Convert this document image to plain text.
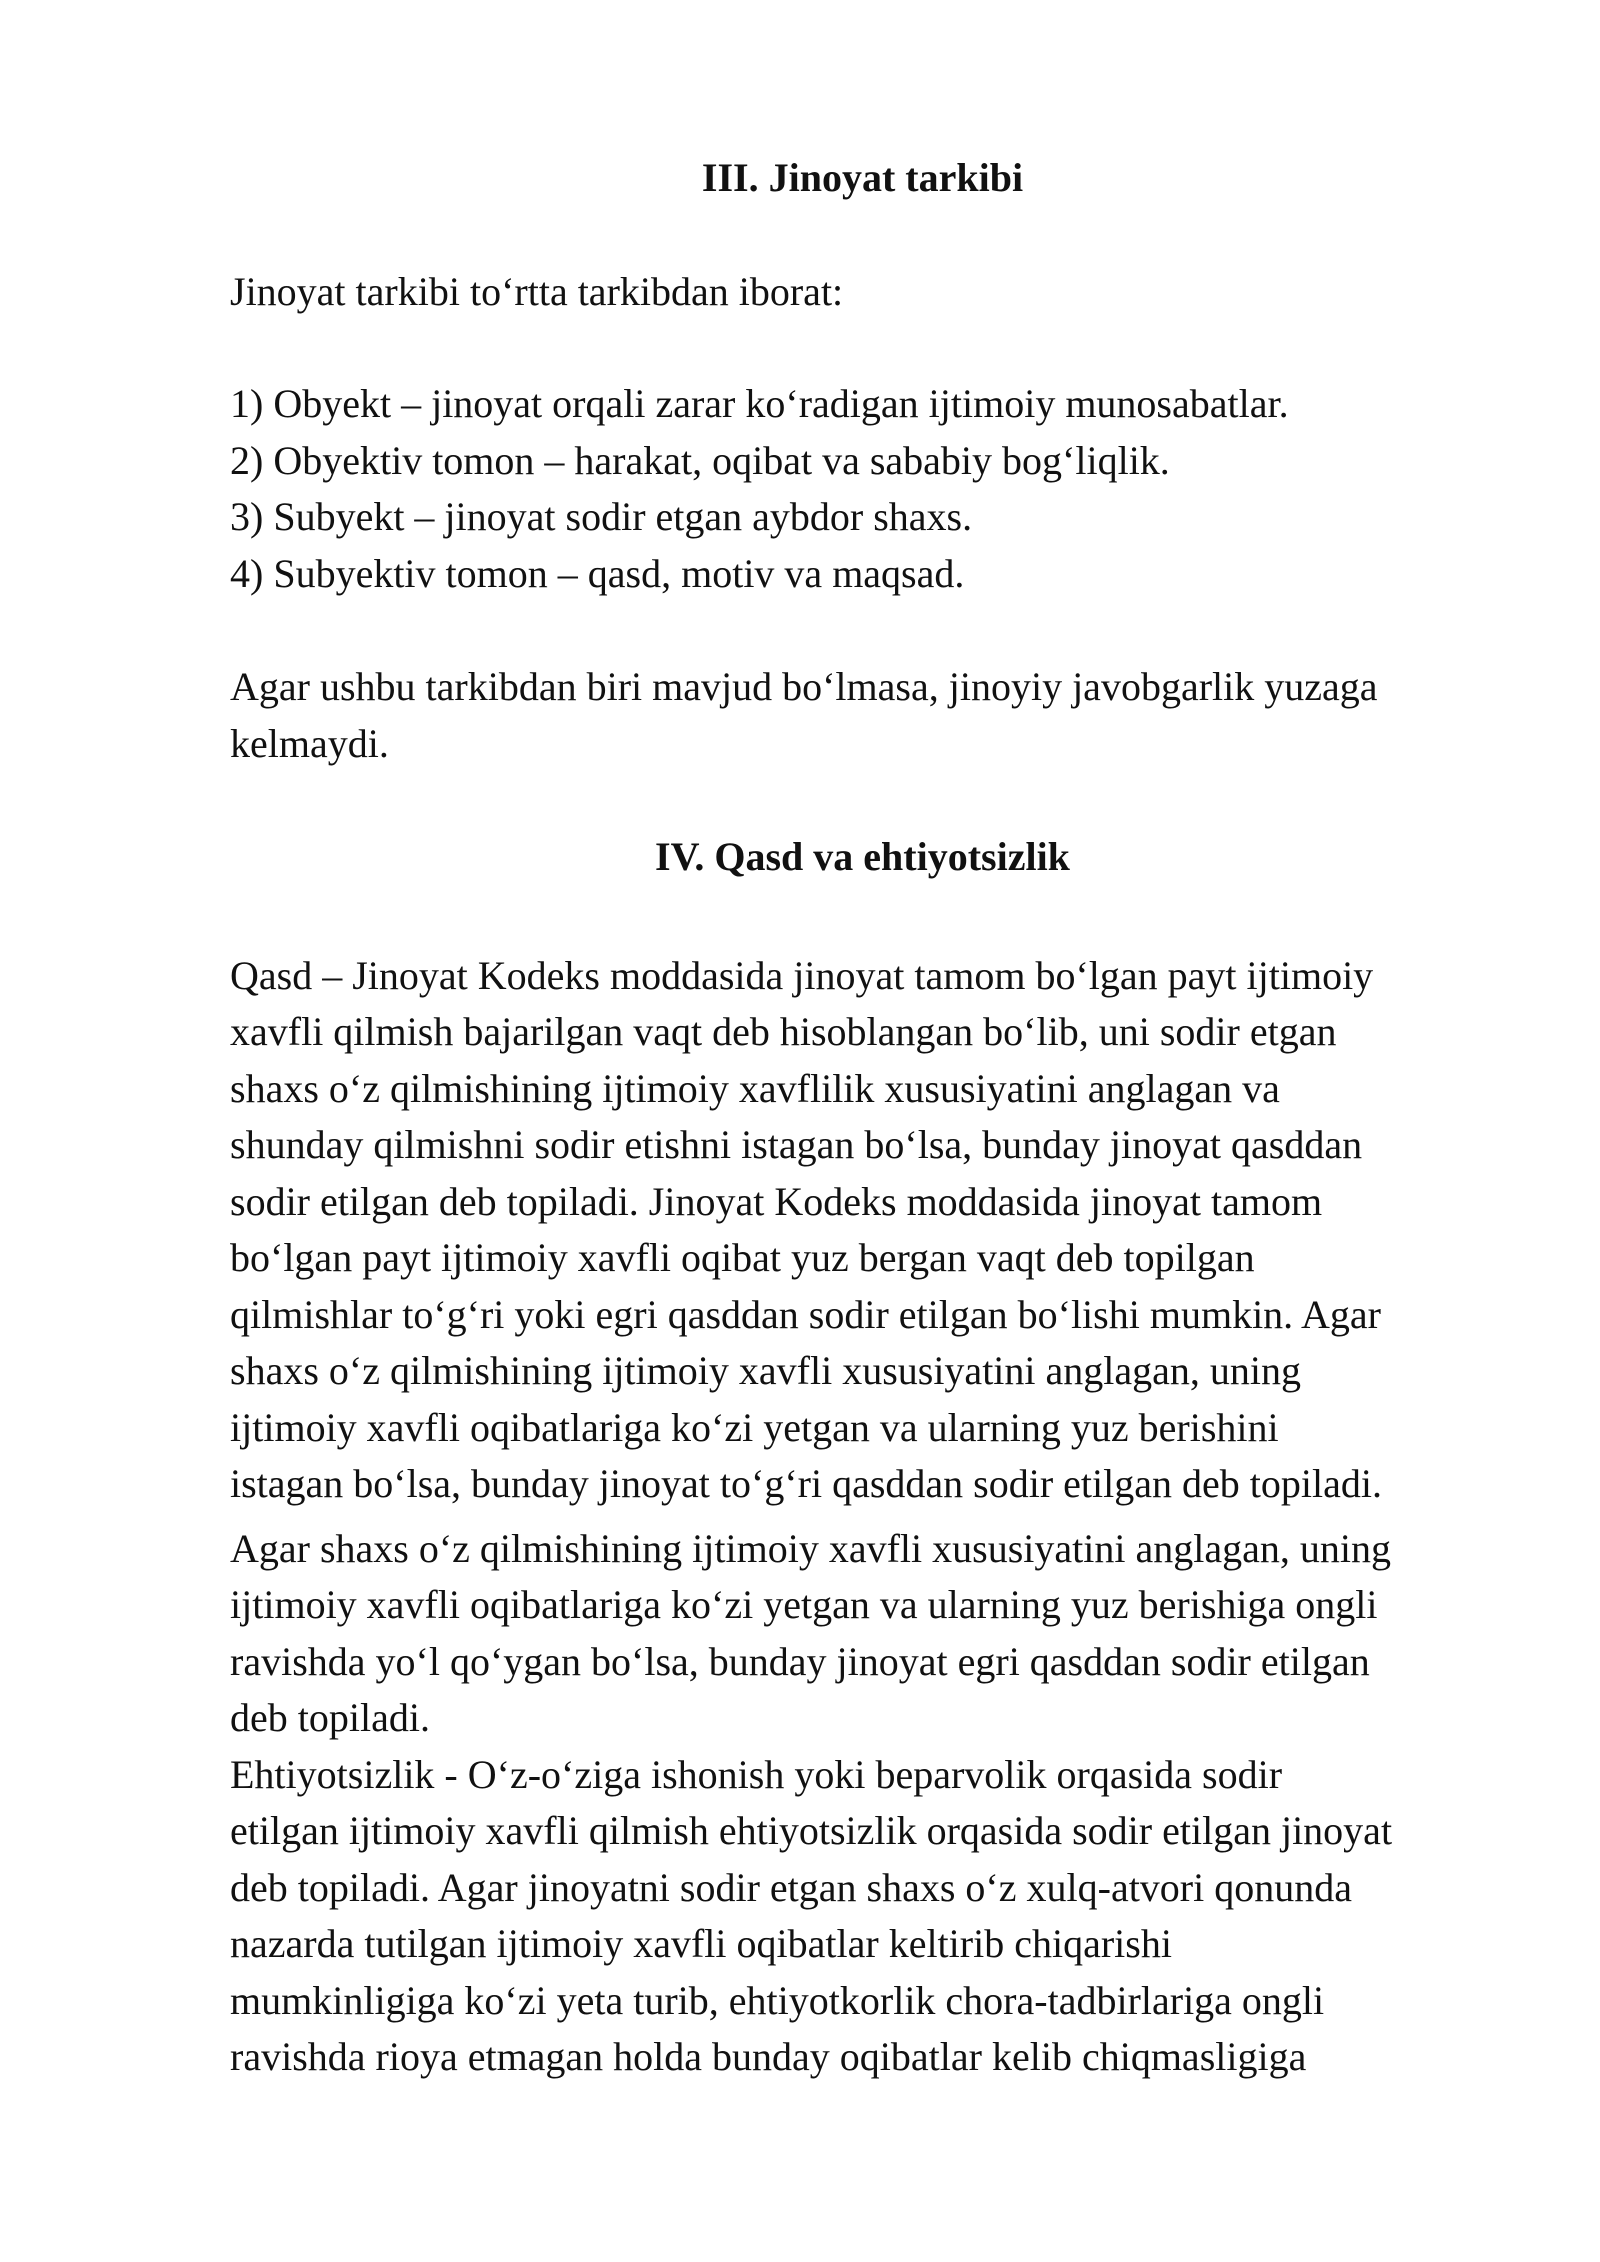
III. Jinoyat tarkibi
Jinoyat tarkibi to‘rtta tarkibdan iborat:
1) Obyekt – jinoyat orqali zarar ko‘radigan ijtimoiy munosabatlar.
2) Obyektiv tomon – harakat, oqibat va sababiy bog‘liqlik.
3) Subyekt – jinoyat sodir etgan aybdor shaxs.
4) Subyektiv tomon – qasd, motiv va maqsad.
Agar ushbu tarkibdan biri mavjud bo‘lmasa, jinoyiy javobgarlik yuzaga
kelmaydi.
IV. Qasd va ehtiyotsizlik
Qasd – Jinoyat Kodeks moddasida jinoyat tamom bo‘lgan payt ijtimoiy
xavfli qilmish bajarilgan vaqt deb hisoblangan bo‘lib, uni sodir etgan
shaxs o‘z qilmishining ijtimoiy xavflilik xususiyatini anglagan va
shunday qilmishni sodir etishni istagan bo‘lsa, bunday jinoyat qasddan
sodir etilgan deb topiladi. Jinoyat Kodeks moddasida jinoyat tamom
bo‘lgan payt ijtimoiy xavfli oqibat yuz bergan vaqt deb topilgan
qilmishlar to‘g‘ri yoki egri qasddan sodir etilgan bo‘lishi mumkin. Agar
shaxs o‘z qilmishining ijtimoiy xavfli xususiyatini anglagan, uning
ijtimoiy xavfli oqibatlariga ko‘zi yetgan va ularning yuz berishini
istagan bo‘lsa, bunday jinoyat to‘g‘ri qasddan sodir etilgan deb topiladi.
Agar shaxs o‘z qilmishining ijtimoiy xavfli xususiyatini anglagan, uning
ijtimoiy xavfli oqibatlariga ko‘zi yetgan va ularning yuz berishiga ongli
ravishda yo‘l qo‘ygan bo‘lsa, bunday jinoyat egri qasddan sodir etilgan
deb topiladi.
Ehtiyotsizlik - O‘z-o‘ziga ishonish yoki beparvolik orqasida sodir
etilgan ijtimoiy xavfli qilmish ehtiyotsizlik orqasida sodir etilgan jinoyat
deb topiladi. Agar jinoyatni sodir etgan shaxs o‘z xulq-atvori qonunda
nazarda tutilgan ijtimoiy xavfli oqibatlar keltirib chiqarishi
mumkinligiga ko‘zi yeta turib, ehtiyotkorlik chora-tadbirlariga ongli
ravishda rioya etmagan holda bunday oqibatlar kelib chiqmasligiga
